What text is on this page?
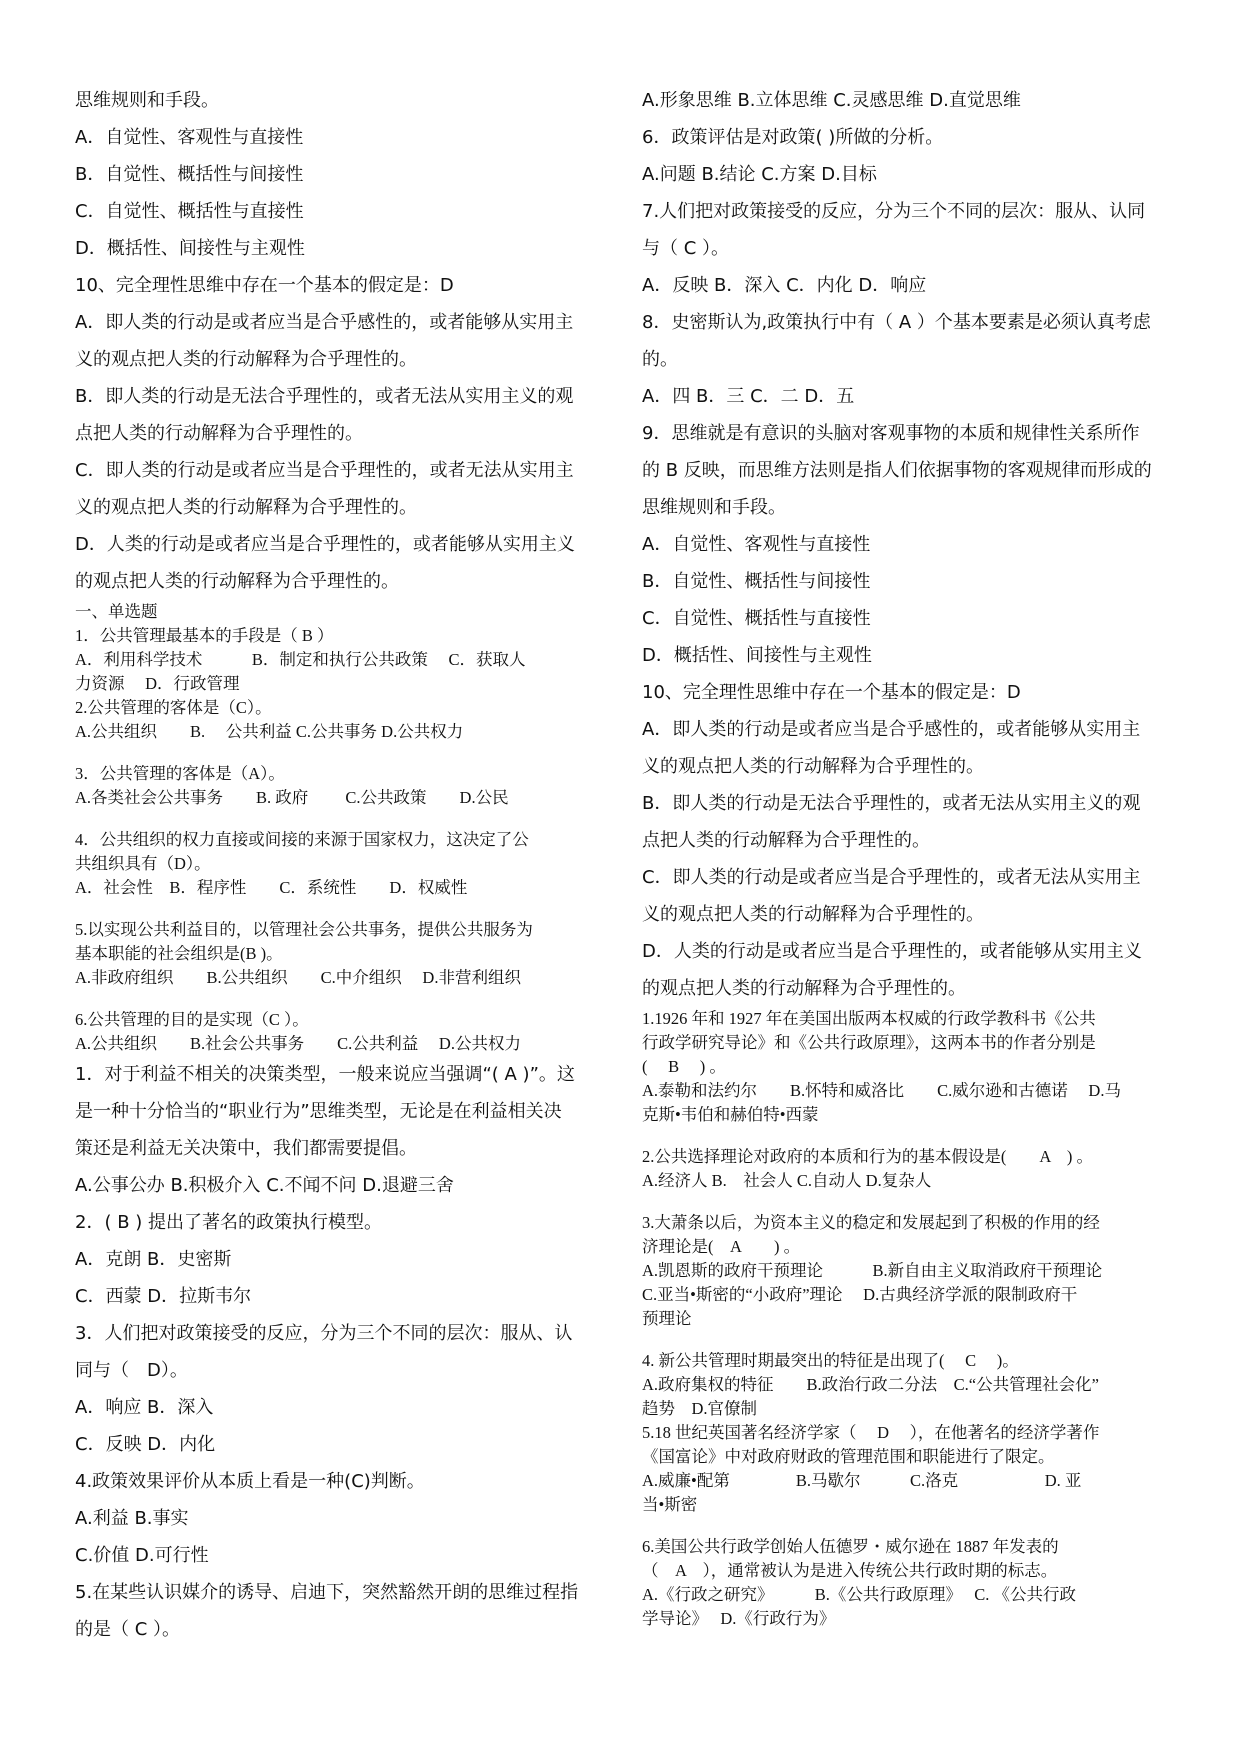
思维规则和手段。
A．自觉性、客观性与直接性
B．自觉性、概括性与间接性
C．自觉性、概括性与直接性
D．概括性、间接性与主观性
10、完全理性思维中存在一个基本的假定是：D
A．即人类的行动是或者应当是合乎感性的，或者能够从实用主
义的观点把人类的行动解释为合乎理性的。
B．即人类的行动是无法合乎理性的，或者无法从实用主义的观
点把人类的行动解释为合乎理性的。
C．即人类的行动是或者应当是合乎理性的，或者无法从实用主
义的观点把人类的行动解释为合乎理性的。
D．人类的行动是或者应当是合乎理性的，或者能够从实用主义
的观点把人类的行动解释为合乎理性的。
一、单选题
1．公共管理最基本的手段是（ B ）
A．利用科学技术　　　B．制定和执行公共政策　 C．获取人
力资源　 D．行政管理
2.公共管理的客体是（C）。
A.公共组织　　B.　 公共利益 C.公共事务 D.公共权力
3．公共管理的客体是（A）。
A.各类社会公共事务　　B. 政府　　 C.公共政策　　D.公民
4．公共组织的权力直接或间接的来源于国家权力，这决定了公
共组织具有（D）。
A．社会性　B．程序性　　C．系统性　　D．权威性
5.以实现公共利益目的，以管理社会公共事务，提供公共服务为
基本职能的社会组织是(B )。
A.非政府组织　　B.公共组织　　C.中介组织　 D.非营利组织
6.公共管理的目的是实现（C ）。
A.公共组织　　B.社会公共事务　　C.公共利益　 D.公共权力
1．对于利益不相关的决策类型，一般来说应当强调“( A )”。这
是一种十分恰当的“职业行为”思维类型，无论是在利益相关决
策还是利益无关决策中，我们都需要提倡。
A.公事公办 B.积极介入 C.不闻不问 D.退避三舍
2．( B ) 提出了著名的政策执行模型。
A．克朗 B．史密斯
C．西蒙 D．拉斯韦尔
3．人们把对政策接受的反应，分为三个不同的层次：服从、认
同与（　D）。
A．响应 B．深入
C．反映 D．内化
4.政策效果评价从本质上看是一种(C)判断。
A.利益 B.事实
C.价值 D.可行性
5.在某些认识媒介的诱导、启迪下，突然豁然开朗的思维过程指
的是（ C ）。
A.形象思维 B.立体思维 C.灵感思维 D.直觉思维
6．政策评估是对政策( )所做的分析。
A.问题 B.结论 C.方案 D.目标
7.人们把对政策接受的反应，分为三个不同的层次：服从、认同
与（ C ）。
A．反映 B．深入 C．内化 D．响应
8．史密斯认为,政策执行中有（ A ）个基本要素是必须认真考虑
的。
A．四 B．三 C．二 D．五
9．思维就是有意识的头脑对客观事物的本质和规律性关系所作
的 B 反映，而思维方法则是指人们依据事物的客观规律而形成的
思维规则和手段。
A．自觉性、客观性与直接性
B．自觉性、概括性与间接性
C．自觉性、概括性与直接性
D．概括性、间接性与主观性
10、完全理性思维中存在一个基本的假定是：D
A．即人类的行动是或者应当是合乎感性的，或者能够从实用主
义的观点把人类的行动解释为合乎理性的。
B．即人类的行动是无法合乎理性的，或者无法从实用主义的观
点把人类的行动解释为合乎理性的。
C．即人类的行动是或者应当是合乎理性的，或者无法从实用主
义的观点把人类的行动解释为合乎理性的。
D．人类的行动是或者应当是合乎理性的，或者能够从实用主义
的观点把人类的行动解释为合乎理性的。
1.1926 年和 1927 年在美国出版两本权威的行政学教科书《公共
行政学研究导论》和《公共行政原理》，这两本书的作者分别是
(　 B　 ) 。
A.泰勒和法约尔　　B.怀特和威洛比　　C.威尔逊和古德诺　 D.马
克斯•韦伯和赫伯特•西蒙
2.公共选择理论对政府的本质和行为的基本假设是(　　A　) 。
A.经济人 B.　社会人 C.自动人 D.复杂人
3.大萧条以后，为资本主义的稳定和发展起到了积极的作用的经
济理论是(　A　　) 。
A.凯恩斯的政府干预理论　　　B.新自由主义取消政府干预理论
C.亚当•斯密的“小政府”理论　 D.古典经济学派的限制政府干
预理论
4. 新公共管理时期最突出的特征是出现了(　 C　 )。
A.政府集权的特征　　B.政治行政二分法　C.“公共管理社会化”
趋势　D.官僚制
5.18 世纪英国著名经济学家（　 D　 ），在他著名的经济学著作
《国富论》中对政府财政的管理范围和职能进行了限定。
A.威廉•配第　　　　B.马歇尔　　　C.洛克　　　　　 D. 亚
当•斯密
6.美国公共行政学创始人伍德罗・威尔逊在 1887 年发表的
（　A　），通常被认为是进入传统公共行政时期的标志。
A.《行政之研究》　　　B.《公共行政原理》　 C. 《公共行政
学导论》　 D.《行政行为》
